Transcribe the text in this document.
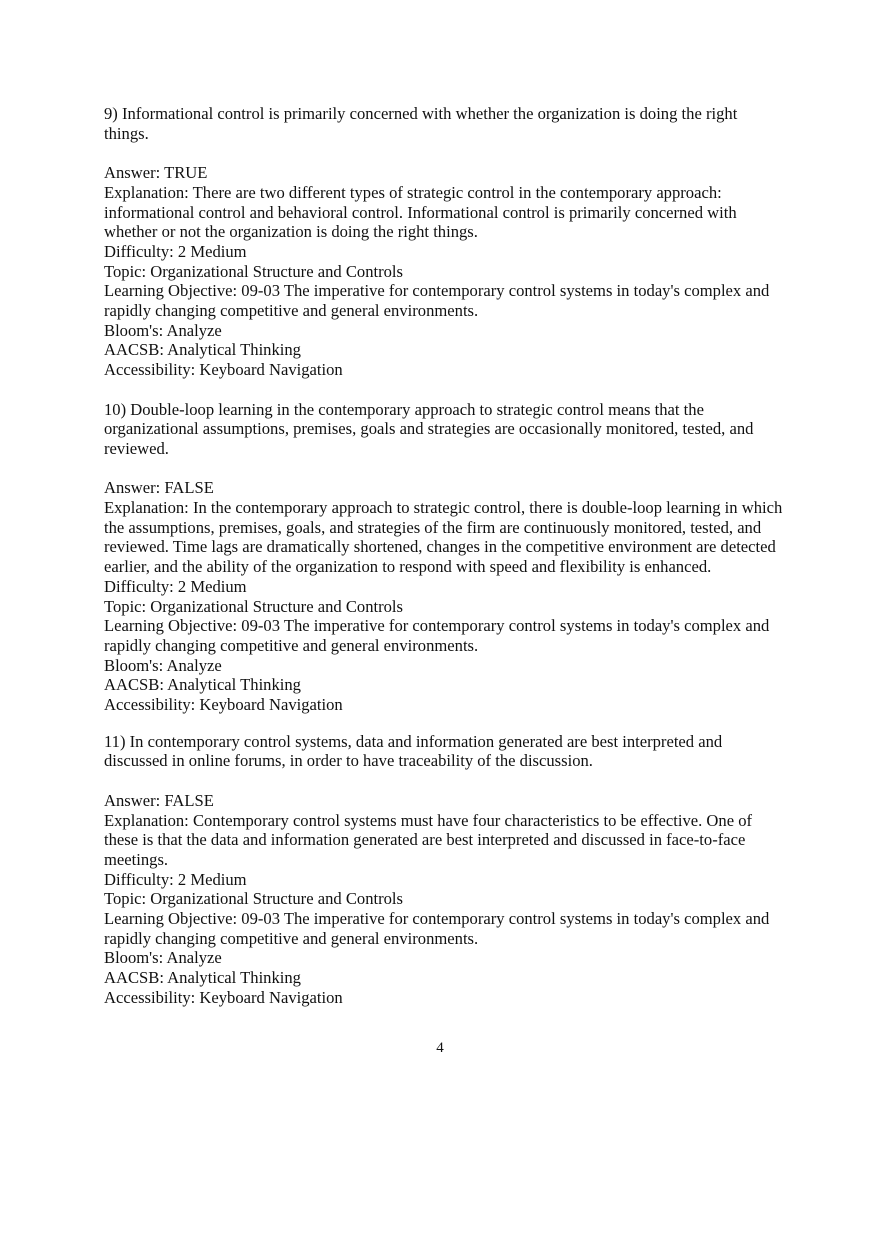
9) Informational control is primarily concerned with whether the organization is doing the right things.

Answer: TRUE

Explanation: There are two different types of strategic control in the contemporary approach: informational control and behavioral control. Informational control is primarily concerned with whether or not the organization is doing the right things.

Difficulty: 2 Medium

Topic: Organizational Structure and Controls

Learning Objective: 09-03 The imperative for contemporary control systems in today's complex and rapidly changing competitive and general environments.

Bloom's: Analyze

AACSB: Analytical Thinking

Accessibility: Keyboard Navigation

10) Double-loop learning in the contemporary approach to strategic control means that the organizational assumptions, premises, goals and strategies are occasionally monitored, tested, and reviewed.

Answer: FALSE

Explanation: In the contemporary approach to strategic control, there is double-loop learning in which the assumptions, premises, goals, and strategies of the firm are continuously monitored, tested, and reviewed. Time lags are dramatically shortened, changes in the competitive environment are detected earlier, and the ability of the organization to respond with speed and flexibility is enhanced.

Difficulty: 2 Medium

Topic: Organizational Structure and Controls

Learning Objective: 09-03 The imperative for contemporary control systems in today's complex and rapidly changing competitive and general environments.

Bloom's: Analyze

AACSB: Analytical Thinking

Accessibility: Keyboard Navigation

11) In contemporary control systems, data and information generated are best interpreted and discussed in online forums, in order to have traceability of the discussion.

Answer: FALSE

Explanation: Contemporary control systems must have four characteristics to be effective. One of these is that the data and information generated are best interpreted and discussed in face-to-face meetings.

Difficulty: 2 Medium

Topic: Organizational Structure and Controls

Learning Objective: 09-03 The imperative for contemporary control systems in today's complex and rapidly changing competitive and general environments.

Bloom's: Analyze

AACSB: Analytical Thinking

Accessibility: Keyboard Navigation

4
